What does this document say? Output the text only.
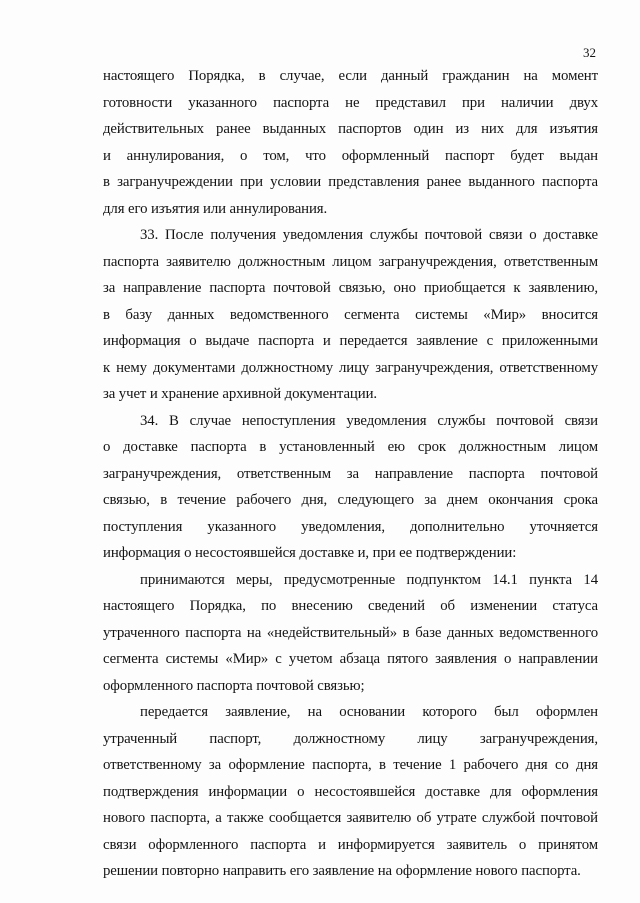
32
настоящего Порядка, в случае, если данный гражданин на момент
готовности указанного паспорта не представил при наличии двух
действительных ранее выданных паспортов один из них для изъятия
и аннулирования, о том, что оформленный паспорт будет выдан
в загранучреждении при условии представления ранее выданного паспорта
для его изъятия или аннулирования.
33. После получения уведомления службы почтовой связи о доставке
паспорта заявителю должностным лицом загранучреждения, ответственным
за направление паспорта почтовой связью, оно приобщается к заявлению,
в базу данных ведомственного сегмента системы «Мир» вносится
информация о выдаче паспорта и передается заявление с приложенными
к нему документами должностному лицу загранучреждения, ответственному
за учет и хранение архивной документации.
34. В случае непоступления уведомления службы почтовой связи
о доставке паспорта в установленный ею срок должностным лицом
загранучреждения, ответственным за направление паспорта почтовой
связью, в течение рабочего дня, следующего за днем окончания срока
поступления указанного уведомления, дополнительно уточняется
информация о несостоявшейся доставке и, при ее подтверждении:
принимаются меры, предусмотренные подпунктом 14.1 пункта 14
настоящего Порядка, по внесению сведений об изменении статуса
утраченного паспорта на «недействительный» в базе данных ведомственного
сегмента системы «Мир» с учетом абзаца пятого заявления о направлении
оформленного паспорта почтовой связью;
передается заявление, на основании которого был оформлен
утраченный паспорт, должностному лицу загранучреждения,
ответственному за оформление паспорта, в течение 1 рабочего дня со дня
подтверждения информации о несостоявшейся доставке для оформления
нового паспорта, а также сообщается заявителю об утрате службой почтовой
связи оформленного паспорта и информируется заявитель о принятом
решении повторно направить его заявление на оформление нового паспорта.
